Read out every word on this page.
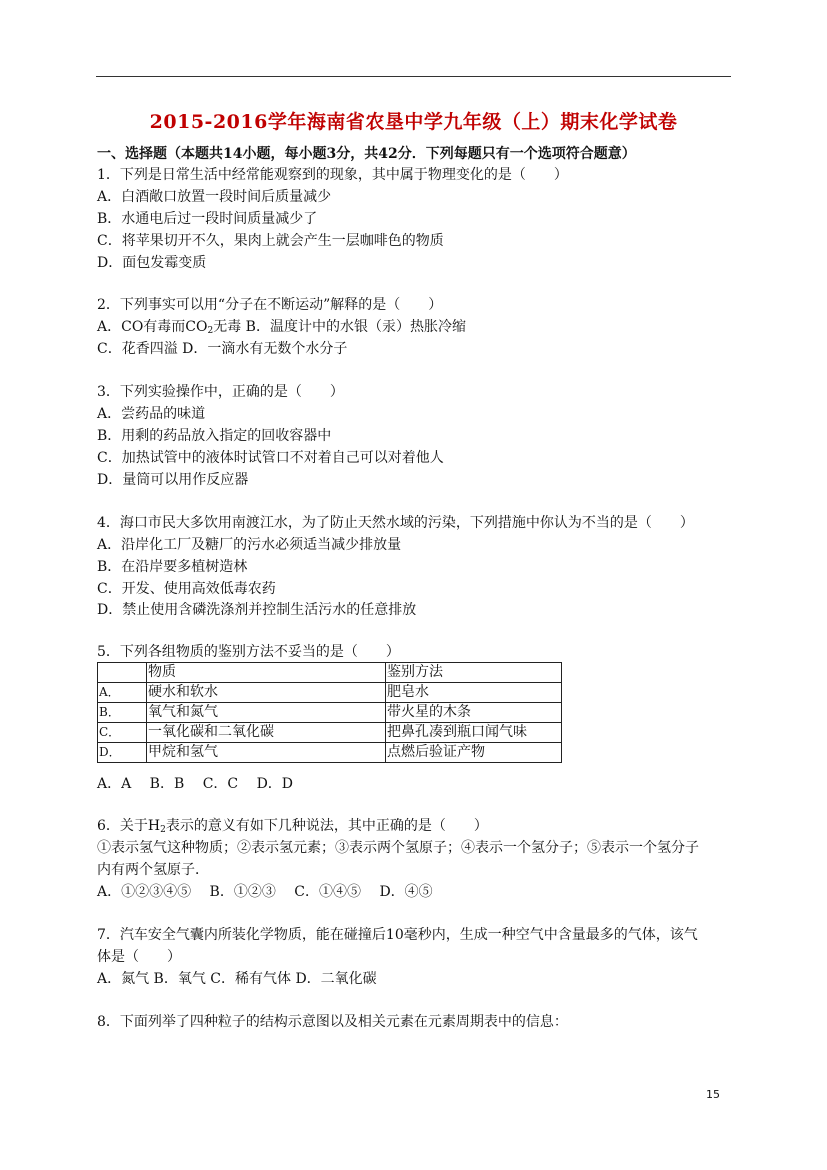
2015-2016学年海南省农垦中学九年级（上）期末化学试卷
一、选择题（本题共14小题，每小题3分，共42分．下列每题只有一个选项符合题意）
1．下列是日常生活中经常能观察到的现象，其中属于物理变化的是（　　）
A．白酒敞口放置一段时间后质量减少
B．水通电后过一段时间质量减少了
C．将苹果切开不久，果肉上就会产生一层咖啡色的物质
D．面包发霉变质
2．下列事实可以用“分子在不断运动”解释的是（　　）
A．CO有毒而$CO_2$无毒 B．温度计中的水银（汞）热胀冷缩
C．花香四溢 D．一滴水有无数个水分子
3．下列实验操作中，正确的是（　　）
A．尝药品的味道
B．用剩的药品放入指定的回收容器中
C．加热试管中的液体时试管口不对着自己可以对着他人
D．量筒可以用作反应器
4．海口市民大多饮用南渡江水，为了防止天然水域的污染，下列措施中你认为不当的是（　　）
A．沿岸化工厂及糖厂的污水必须适当减少排放量
B．在沿岸要多植树造林
C．开发、使用高效低毒农药
D．禁止使用含磷洗涤剂并控制生活污水的任意排放
5．下列各组物质的鉴别方法不妥当的是（　　）
	物质	鉴别方法
A．	硬水和软水	肥皂水
B．	氧气和氮气	带火星的木条
C．	一氧化碳和二氧化碳	把鼻孔凑到瓶口闻气味
D．	甲烷和氢气	点燃后验证产物
A．A　 B．B　 C．C　 D．D
6．关于$H_2$表示的意义有如下几种说法，其中正确的是（　　）
①表示氢气这种物质；②表示氢元素；③表示两个氢原子；④表示一个氢分子；⑤表示一个氢分子
内有两个氢原子．
A．①②③④⑤　 B．①②③　 C．①④⑤　 D．④⑤
7．汽车安全气囊内所装化学物质，能在碰撞后10毫秒内，生成一种空气中含量最多的气体，该气
体是（　　）
A．氮气 B．氧气 C．稀有气体 D．二氧化碳
8．下面列举了四种粒子的结构示意图以及相关元素在元素周期表中的信息：
15
